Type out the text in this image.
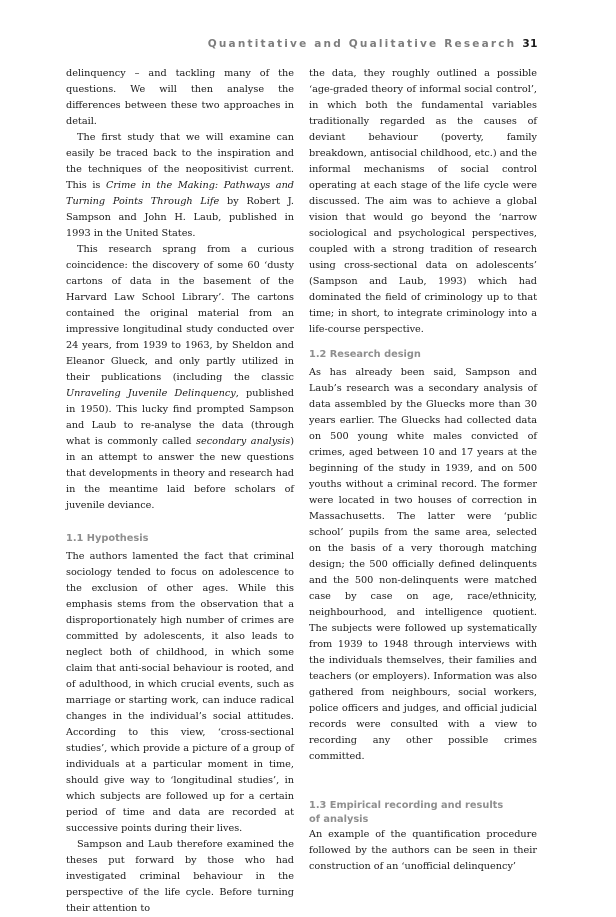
Quantitative and Qualitative Research 31

delinquency – and tackling many of the questions. We will then analyse the differences between these two approaches in detail.

The first study that we will examine can easily be traced back to the inspiration and the techniques of the neopositivist current. This is Crime in the Making: Pathways and Turning Points Through Life by Robert J. Sampson and John H. Laub, published in 1993 in the United States.

This research sprang from a curious coincidence: the discovery of some 60 ‘dusty cartons of data in the basement of the Harvard Law School Library’. The cartons contained the original material from an impressive longitudinal study conducted over 24 years, from 1939 to 1963, by Sheldon and Eleanor Glueck, and only partly utilized in their publications (including the classic Unraveling Juvenile Delinquency, published in 1950). This lucky find prompted Sampson and Laub to re-analyse the data (through what is commonly called secondary analysis) in an attempt to answer the new questions that developments in theory and research had in the meantime laid before scholars of juvenile deviance.

1.1 Hypothesis

The authors lamented the fact that criminal sociology tended to focus on adolescence to the exclusion of other ages. While this emphasis stems from the observation that a disproportionately high number of crimes are committed by adolescents, it also leads to neglect both of childhood, in which some claim that anti-social behaviour is rooted, and of adulthood, in which crucial events, such as marriage or starting work, can induce radical changes in the individual’s social attitudes. According to this view, ‘cross-sectional studies’, which provide a picture of a group of individuals at a particular moment in time, should give way to ‘longitudinal studies’, in which subjects are followed up for a certain period of time and data are recorded at successive points during their lives.

Sampson and Laub therefore examined the theses put forward by those who had investigated criminal behaviour in the perspective of the life cycle. Before turning their attention to

the data, they roughly outlined a possible ‘age-graded theory of informal social control’, in which both the fundamental variables traditionally regarded as the causes of deviant behaviour (poverty, family breakdown, antisocial childhood, etc.) and the informal mechanisms of social control operating at each stage of the life cycle were discussed. The aim was to achieve a global vision that would go beyond the ‘narrow sociological and psychological perspectives, coupled with a strong tradition of research using cross-sectional data on adolescents’ (Sampson and Laub, 1993) which had dominated the field of criminology up to that time; in short, to integrate criminology into a life-course perspective.

1.2 Research design

As has already been said, Sampson and Laub’s research was a secondary analysis of data assembled by the Gluecks more than 30 years earlier. The Gluecks had collected data on 500 young white males convicted of crimes, aged between 10 and 17 years at the beginning of the study in 1939, and on 500 youths without a criminal record. The former were located in two houses of correction in Massachusetts. The latter were ‘public school’ pupils from the same area, selected on the basis of a very thorough matching design; the 500 officially defined delinquents and the 500 non-delinquents were matched case by case on age, race/ethnicity, neighbourhood, and intelligence quotient. The subjects were followed up systematically from 1939 to 1948 through interviews with the individuals themselves, their families and teachers (or employers). Information was also gathered from neighbours, social workers, police officers and judges, and official judicial records were consulted with a view to recording any other possible crimes committed.

1.3 Empirical recording and results
of analysis

An example of the quantification procedure followed by the authors can be seen in their construction of an ‘unofficial delinquency’
